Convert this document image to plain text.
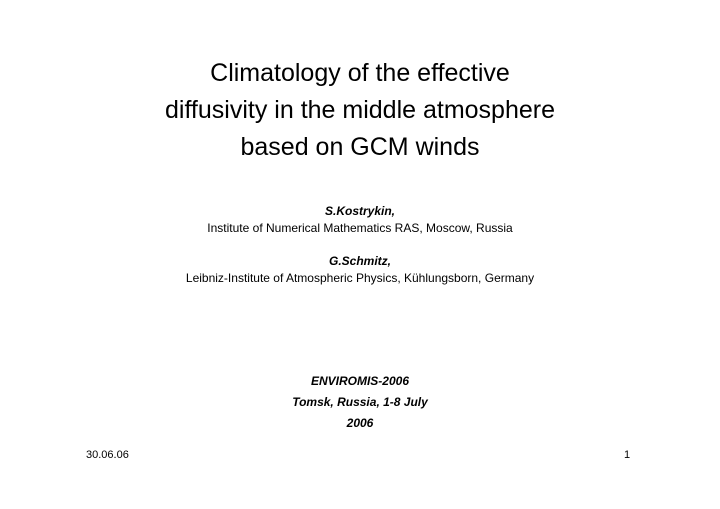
Climatology of the effective
diffusivity in the middle atmosphere
based on GCM winds
S.Kostrykin,
Institute of Numerical Mathematics RAS, Moscow, Russia
G.Schmitz,
Leibniz-Institute of Atmospheric Physics, Kühlungsborn, Germany
ENVIROMIS-2006
Tomsk, Russia, 1-8 July
2006
30.06.06	1
